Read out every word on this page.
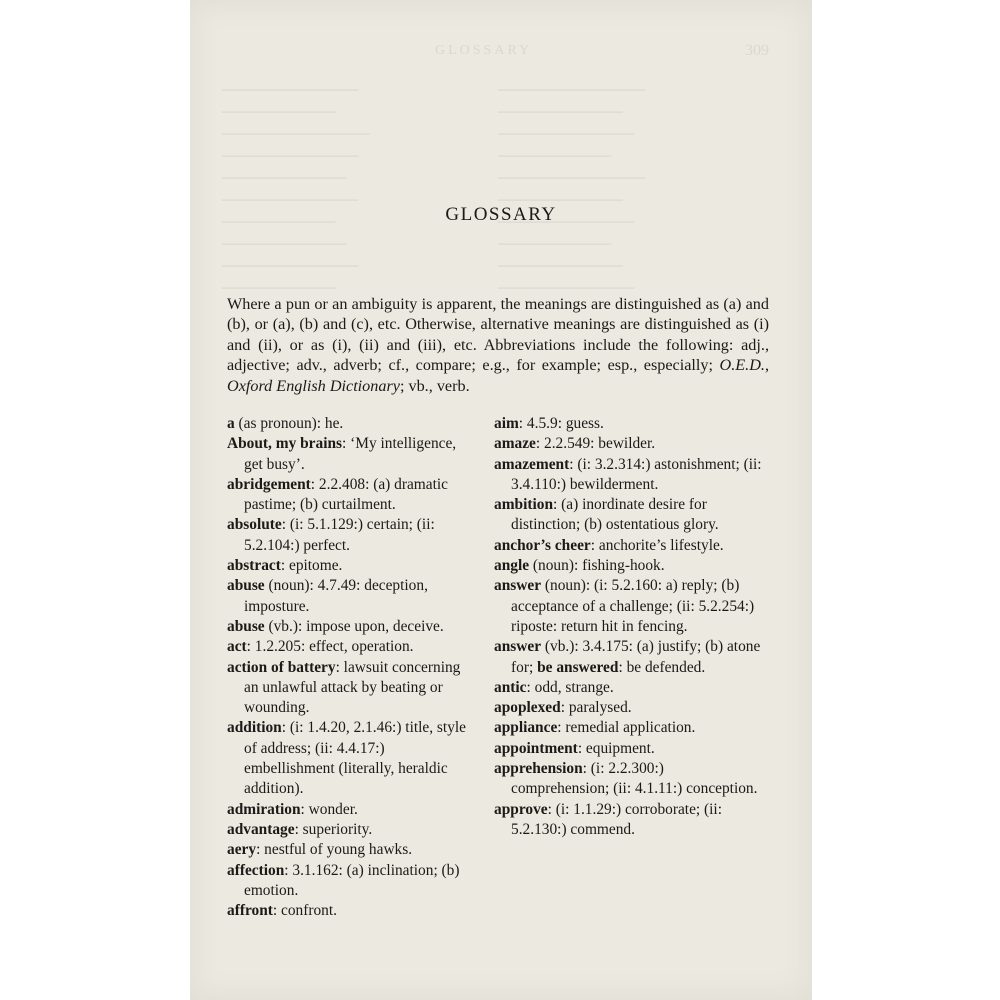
GLOSSARY	309
────────────
──────────
─────────────
────────────
───────────
────────────
──────────
───────────
────────────
──────────
─────────────
───────────
────────────
──────────
─────────────
───────────
────────────
──────────
───────────
────────────
GLOSSARY

Where a pun or an ambiguity is apparent, the meanings are distinguished as (a) and (b), or (a), (b) and (c), etc. Otherwise, alternative meanings are distinguished as (i) and (ii), or as (i), (ii) and (iii), etc. Abbreviations include the following: adj., adjective; adv., adverb; cf., compare; e.g., for example; esp., especially; O.E.D., Oxford English Dictionary; vb., verb.

a (as pronoun): he.
About, my brains: ‘My intelligence, get busy’.
abridgement: 2.2.408: (a) dramatic pastime; (b) curtailment.
absolute: (i: 5.1.129:) certain; (ii: 5.2.104:) perfect.
abstract: epitome.
abuse (noun): 4.7.49: deception, imposture.
abuse (vb.): impose upon, deceive.
act: 1.2.205: effect, operation.
action of battery: lawsuit concerning an unlawful attack by beating or wounding.
addition: (i: 1.4.20, 2.1.46:) title, style of address; (ii: 4.4.17:) embellishment (literally, heraldic addition).
admiration: wonder.
advantage: superiority.
aery: nestful of young hawks.
affection: 3.1.162: (a) inclination; (b) emotion.
affront: confront.
aim: 4.5.9: guess.
amaze: 2.2.549: bewilder.
amazement: (i: 3.2.314:) astonishment; (ii: 3.4.110:) bewilderment.
ambition: (a) inordinate desire for distinction; (b) ostentatious glory.
anchor’s cheer: anchorite’s lifestyle.
angle (noun): fishing-hook.
answer (noun): (i: 5.2.160: a) reply; (b) acceptance of a challenge; (ii: 5.2.254:) riposte: return hit in fencing.
answer (vb.): 3.4.175: (a) justify; (b) atone for; be answered: be defended.
antic: odd, strange.
apoplexed: paralysed.
appliance: remedial application.
appointment: equipment.
apprehension: (i: 2.2.300:) comprehension; (ii: 4.1.11:) conception.
approve: (i: 1.1.29:) corroborate; (ii: 5.2.130:) commend.
